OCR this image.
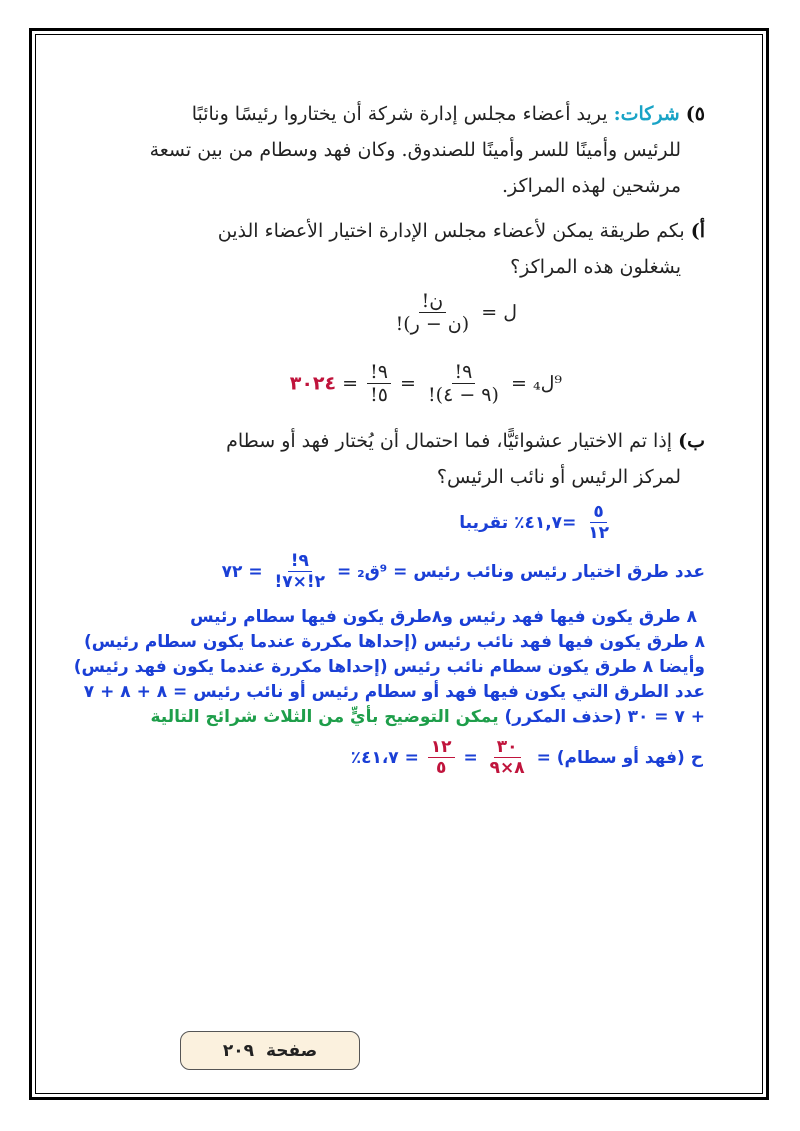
٥) شركات: يريد أعضاء مجلس إدارة شركة أن يختاروا رئيسًا ونائبًا
للرئيس وأمينًا للسر وأمينًا للصندوق. وكان فهد وسطام من بين تسعة
مرشحين لهذه المراكز.
أ) بكم طريقة يمكن لأعضاء مجلس الإدارة اختيار الأعضاء الذين
يشغلون هذه المراكز؟
ل =
$\frac{\text{ن!}}{\text{(ن − ر)!}}$
⁹ل₄ =
$\frac{٩!}{(٩ - ٤)!}$
=
$\frac{٩!}{٥!}$
= ٣٠٢٤
ب) إذا تم الاختيار عشوائيًّا، فما احتمال أن يُختار فهد أو سطام
لمركز الرئيس أو نائب الرئيس؟
$\frac{٥}{١٢}$
=٤١,٧٪ تقريبا
عدد طرق اختيار رئيس ونائب رئيس = ⁹ق₂ =
$\frac{٩!}{٢!\times ٧!}$
= ٧٢
٨ طرق يكون فيها فهد رئيس و٨طرق يكون فيها سطام رئيس
٨ طرق يكون فيها فهد نائب رئيس (إحداها مكررة عندما يكون سطام رئيس)
وأيضا ٨ طرق يكون سطام نائب رئيس (إحداها مكررة عندما يكون فهد رئيس)
عدد الطرق التي يكون فيها فهد أو سطام رئيس أو نائب رئيس = ٨ + ٨ + ٧
+ ٧ = ٣٠ (حذف المكرر) يمكن التوضيح بأيٍّ من الثلاث شرائح التالية
ح (فهد أو سطام) =
$\frac{٣٠}{٨\times ٩}$
=
$\frac{١٢}{٥}$
= ٤١،٧٪
صفحة
٢٠٩
